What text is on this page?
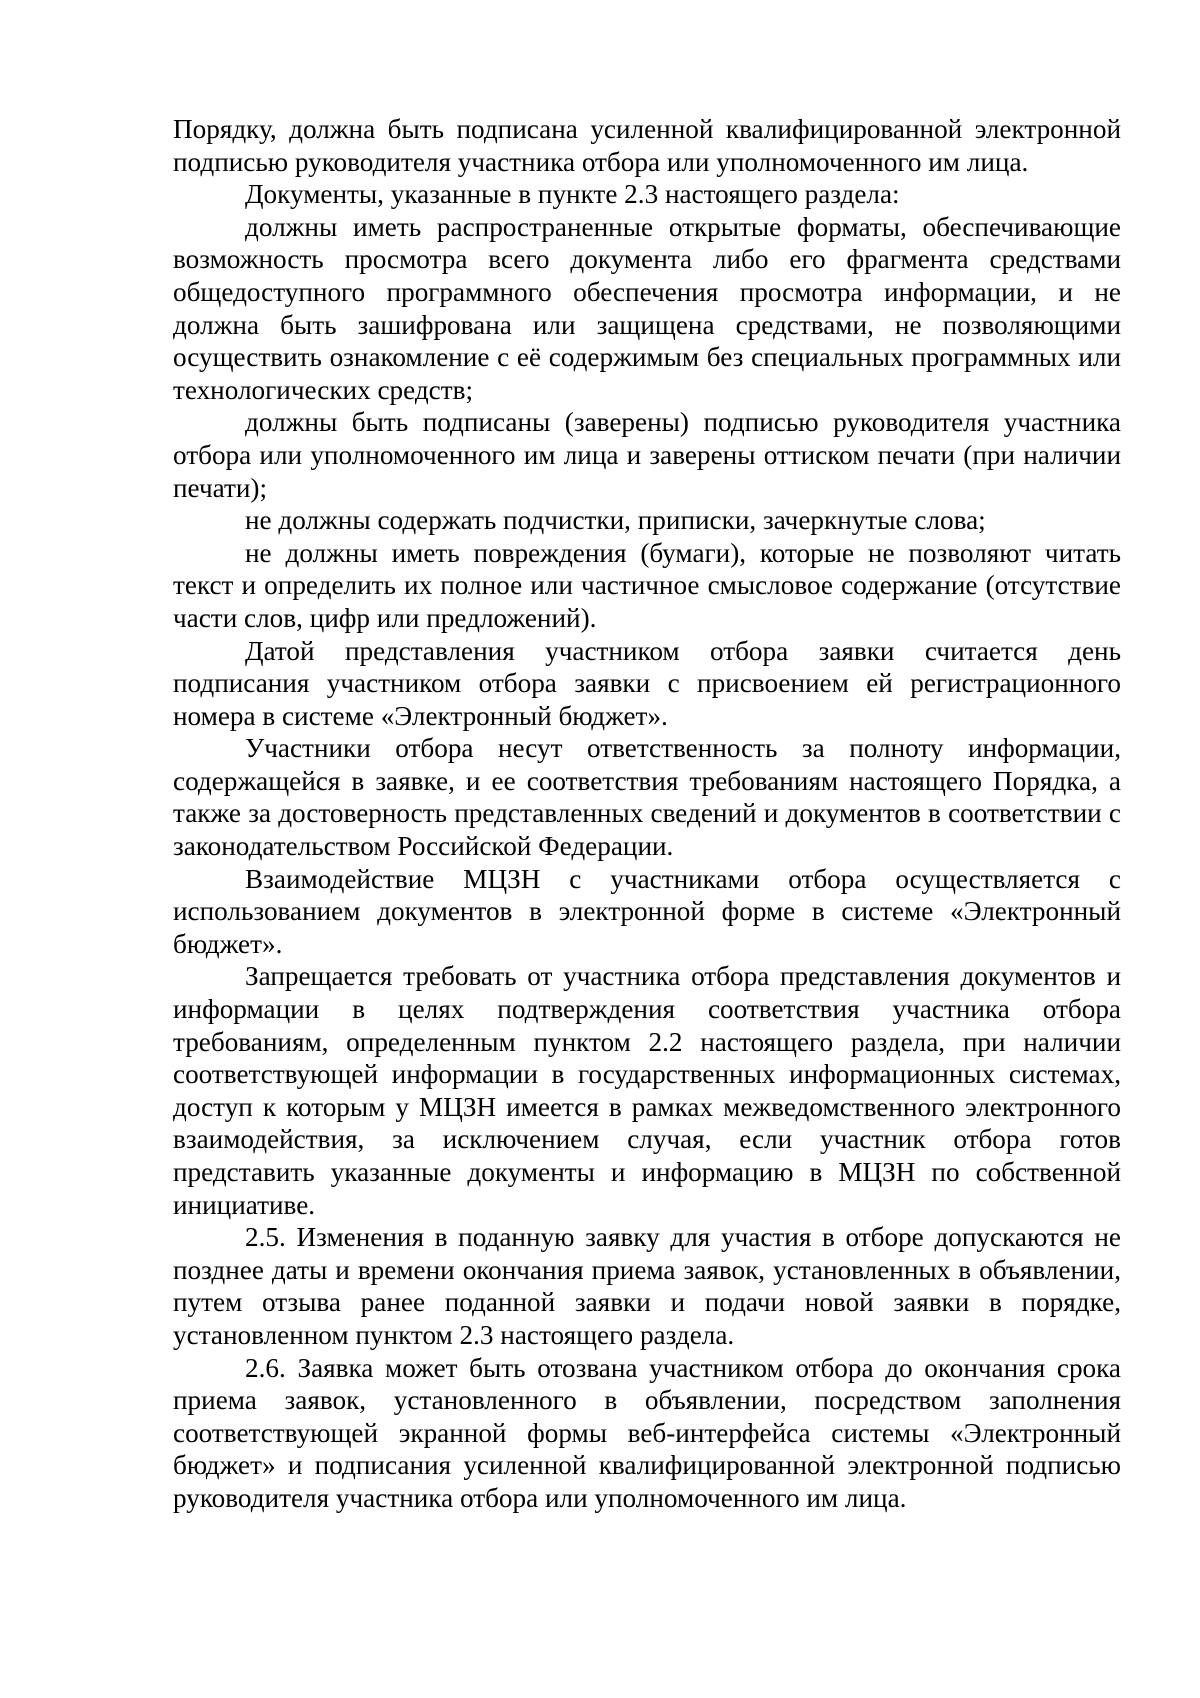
Порядку, должна быть подписана усиленной квалифицированной электронной подписью руководителя участника отбора или уполномоченного им лица.

Документы, указанные в пункте 2.3 настоящего раздела:

должны иметь распространенные открытые форматы, обеспечивающие возможность просмотра всего документа либо его фрагмента средствами общедоступного программного обеспечения просмотра информации, и не должна быть зашифрована или защищена средствами, не позволяющими осуществить ознакомление с её содержимым без специальных программных или технологических средств;

должны быть подписаны (заверены) подписью руководителя участника отбора или уполномоченного им лица и заверены оттиском печати (при наличии печати);

не должны содержать подчистки, приписки, зачеркнутые слова;

не должны иметь повреждения (бумаги), которые не позволяют читать текст и определить их полное или частичное смысловое содержание (отсутствие части слов, цифр или предложений).

Датой представления участником отбора заявки считается день подписания участником отбора заявки с присвоением ей регистрационного номера в системе «Электронный бюджет».

Участники отбора несут ответственность за полноту информации, содержащейся в заявке, и ее соответствия требованиям настоящего Порядка, а также за достоверность представленных сведений и документов в соответствии с законодательством Российской Федерации.

Взаимодействие МЦЗН с участниками отбора осуществляется с использованием документов в электронной форме в системе «Электронный бюджет».

Запрещается требовать от участника отбора представления документов и информации в целях подтверждения соответствия участника отбора требованиям, определенным пунктом 2.2 настоящего раздела, при наличии соответствующей информации в государственных информационных системах, доступ к которым у МЦЗН имеется в рамках межведомственного электронного взаимодействия, за исключением случая, если участник отбора готов представить указанные документы и информацию в МЦЗН по собственной инициативе.

2.5. Изменения в поданную заявку для участия в отборе допускаются не позднее даты и времени окончания приема заявок, установленных в объявлении, путем отзыва ранее поданной заявки и подачи новой заявки в порядке, установленном пунктом 2.3 настоящего раздела.

2.6. Заявка может быть отозвана участником отбора до окончания срока приема заявок, установленного в объявлении, посредством заполнения соответствующей экранной формы веб-интерфейса системы «Электронный бюджет» и подписания усиленной квалифицированной электронной подписью руководителя участника отбора или уполномоченного им лица.
